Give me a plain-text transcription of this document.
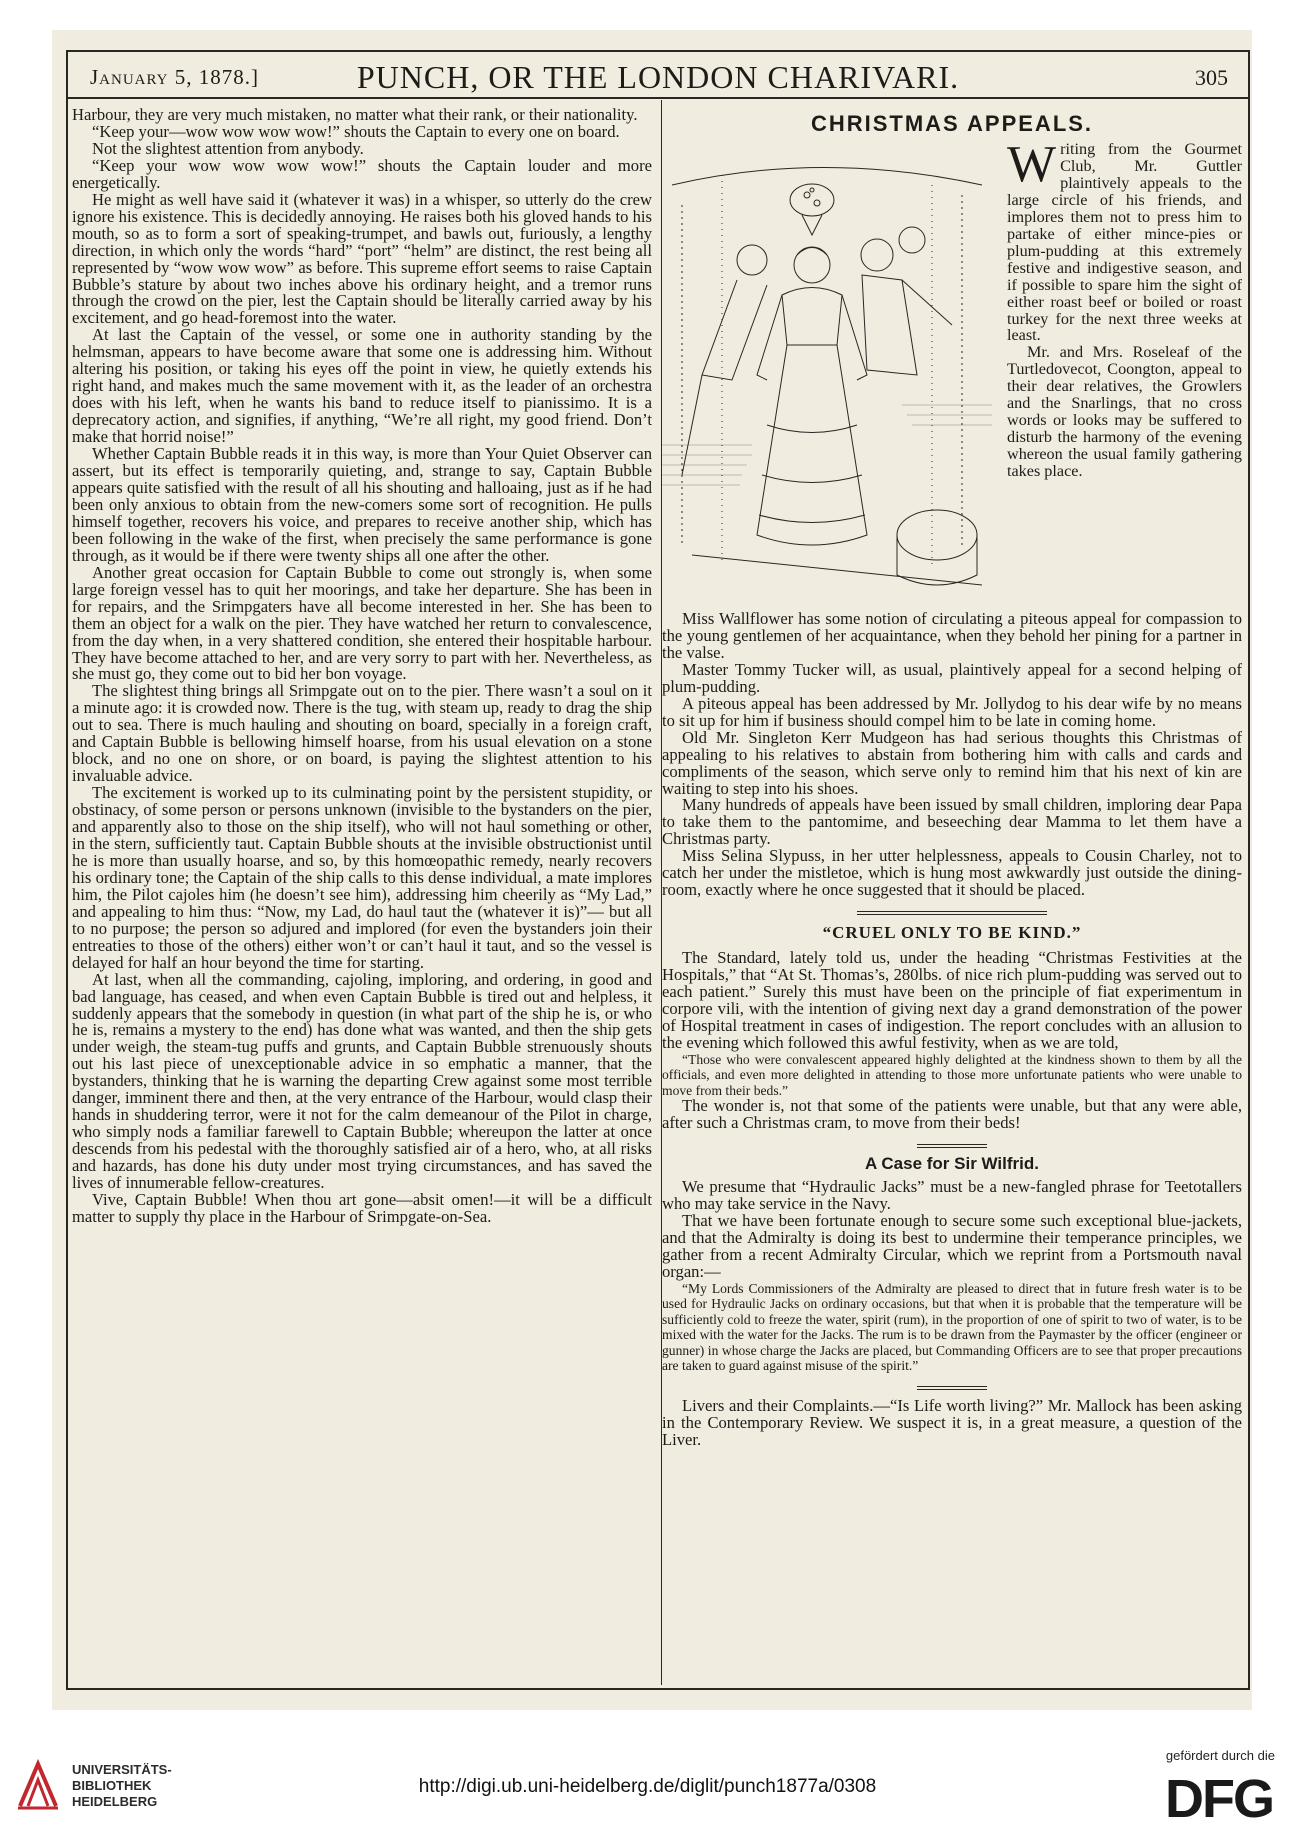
January 5, 1878.]	PUNCH, OR THE LONDON CHARIVARI.	305

Harbour, they are very much mistaken, no matter what their rank, or their nationality.

“Keep your—wow wow wow wow!” shouts the Captain to every one on board.

Not the slightest attention from anybody.

“Keep your wow wow wow wow!” shouts the Captain louder and more energetically.

He might as well have said it (whatever it was) in a whisper, so utterly do the crew ignore his existence. This is decidedly annoying. He raises both his gloved hands to his mouth, so as to form a sort of speaking-trumpet, and bawls out, furiously, a lengthy direction, in which only the words “hard” “port” “helm” are distinct, the rest being all represented by “wow wow wow” as before. This supreme effort seems to raise Captain Bubble’s stature by about two inches above his ordinary height, and a tremor runs through the crowd on the pier, lest the Captain should be literally carried away by his excitement, and go head-foremost into the water.

At last the Captain of the vessel, or some one in authority standing by the helmsman, appears to have become aware that some one is addressing him. Without altering his position, or taking his eyes off the point in view, he quietly extends his right hand, and makes much the same movement with it, as the leader of an orchestra does with his left, when he wants his band to reduce itself to pianissimo. It is a deprecatory action, and signifies, if anything, “We’re all right, my good friend. Don’t make that horrid noise!”

Whether Captain Bubble reads it in this way, is more than Your Quiet Observer can assert, but its effect is temporarily quieting, and, strange to say, Captain Bubble appears quite satisfied with the result of all his shouting and halloaing, just as if he had been only anxious to obtain from the new-comers some sort of recognition. He pulls himself together, recovers his voice, and prepares to receive another ship, which has been following in the wake of the first, when precisely the same performance is gone through, as it would be if there were twenty ships all one after the other.

Another great occasion for Captain Bubble to come out strongly is, when some large foreign vessel has to quit her moorings, and take her departure. She has been in for repairs, and the Srimpgaters have all become interested in her. She has been to them an object for a walk on the pier. They have watched her return to convalescence, from the day when, in a very shattered condition, she entered their hospitable harbour. They have become attached to her, and are very sorry to part with her. Nevertheless, as she must go, they come out to bid her bon voyage.

The slightest thing brings all Srimpgate out on to the pier. There wasn’t a soul on it a minute ago: it is crowded now. There is the tug, with steam up, ready to drag the ship out to sea. There is much hauling and shouting on board, specially in a foreign craft, and Captain Bubble is bellowing himself hoarse, from his usual elevation on a stone block, and no one on shore, or on board, is paying the slightest attention to his invaluable advice.

The excitement is worked up to its culminating point by the persistent stupidity, or obstinacy, of some person or persons unknown (invisible to the bystanders on the pier, and apparently also to those on the ship itself), who will not haul something or other, in the stern, sufficiently taut. Captain Bubble shouts at the invisible obstructionist until he is more than usually hoarse, and so, by this homœopathic remedy, nearly recovers his ordinary tone; the Captain of the ship calls to this dense individual, a mate implores him, the Pilot cajoles him (he doesn’t see him), addressing him cheerily as “My Lad,” and appealing to him thus: “Now, my Lad, do haul taut the (whatever it is)”— but all to no purpose; the person so adjured and implored (for even the bystanders join their entreaties to those of the others) either won’t or can’t haul it taut, and so the vessel is delayed for half an hour beyond the time for starting.

At last, when all the commanding, cajoling, imploring, and ordering, in good and bad language, has ceased, and when even Captain Bubble is tired out and helpless, it suddenly appears that the somebody in question (in what part of the ship he is, or who he is, remains a mystery to the end) has done what was wanted, and then the ship gets under weigh, the steam-tug puffs and grunts, and Captain Bubble strenuously shouts out his last piece of unexceptionable advice in so emphatic a manner, that the bystanders, thinking that he is warning the departing Crew against some most terrible danger, imminent there and then, at the very entrance of the Harbour, would clasp their hands in shuddering terror, were it not for the calm demeanour of the Pilot in charge, who simply nods a familiar farewell to Captain Bubble; whereupon the latter at once descends from his pedestal with the thoroughly satisfied air of a hero, who, at all risks and hazards, has done his duty under most trying circumstances, and has saved the lives of innumerable fellow-creatures.

Vive, Captain Bubble! When thou art gone—absit omen!—it will be a difficult matter to supply thy place in the Harbour of Srimpgate-on-Sea.

CHRISTMAS APPEALS.

Writing from the Gourmet Club, Mr. Guttler plaintively appeals to the large circle of his friends, and implores them not to press him to partake of either mince-pies or plum-pudding at this extremely festive and indigestive season, and if possible to spare him the sight of either roast beef or boiled or roast turkey for the next three weeks at least.

Mr. and Mrs. Roseleaf of the Turtledovecot, Coongton, appeal to their dear relatives, the Growlers and the Snarlings, that no cross words or looks may be suffered to disturb the harmony of the evening whereon the usual family gathering takes place.

Miss Wallflower has some notion of circulating a piteous appeal for compassion to the young gentlemen of her acquaintance, when they behold her pining for a partner in the valse.

Master Tommy Tucker will, as usual, plaintively appeal for a second helping of plum-pudding.

A piteous appeal has been addressed by Mr. Jollydog to his dear wife by no means to sit up for him if business should compel him to be late in coming home.

Old Mr. Singleton Kerr Mudgeon has had serious thoughts this Christmas of appealing to his relatives to abstain from bothering him with calls and cards and compliments of the season, which serve only to remind him that his next of kin are waiting to step into his shoes.

Many hundreds of appeals have been issued by small children, imploring dear Papa to take them to the pantomime, and beseeching dear Mamma to let them have a Christmas party.

Miss Selina Slypuss, in her utter helplessness, appeals to Cousin Charley, not to catch her under the mistletoe, which is hung most awkwardly just outside the dining-room, exactly where he once suggested that it should be placed.

“CRUEL ONLY TO BE KIND.”

The Standard, lately told us, under the heading “Christmas Festivities at the Hospitals,” that “At St. Thomas’s, 280lbs. of nice rich plum-pudding was served out to each patient.” Surely this must have been on the principle of fiat experimentum in corpore vili, with the intention of giving next day a grand demonstration of the power of Hospital treatment in cases of indigestion. The report concludes with an allusion to the evening which followed this awful festivity, when as we are told,

“Those who were convalescent appeared highly delighted at the kindness shown to them by all the officials, and even more delighted in attending to those more unfortunate patients who were unable to move from their beds.”

The wonder is, not that some of the patients were unable, but that any were able, after such a Christmas cram, to move from their beds!

A Case for Sir Wilfrid.

We presume that “Hydraulic Jacks” must be a new-fangled phrase for Teetotallers who may take service in the Navy.

That we have been fortunate enough to secure some such exceptional blue-jackets, and that the Admiralty is doing its best to undermine their temperance principles, we gather from a recent Admiralty Circular, which we reprint from a Portsmouth naval organ:—

“My Lords Commissioners of the Admiralty are pleased to direct that in future fresh water is to be used for Hydraulic Jacks on ordinary occasions, but that when it is probable that the temperature will be sufficiently cold to freeze the water, spirit (rum), in the proportion of one of spirit to two of water, is to be mixed with the water for the Jacks. The rum is to be drawn from the Paymaster by the officer (engineer or gunner) in whose charge the Jacks are placed, but Commanding Officers are to see that proper precautions are taken to guard against misuse of the spirit.”

Livers and their Complaints.—“Is Life worth living?” Mr. Mallock has been asking in the Contemporary Review. We suspect it is, in a great measure, a question of the Liver.

UNIVERSITÄTS-
BIBLIOTHEK
HEIDELBERG
http://digi.ub.uni-heidelberg.de/diglit/punch1877a/0308
gefördert durch die
DFG
